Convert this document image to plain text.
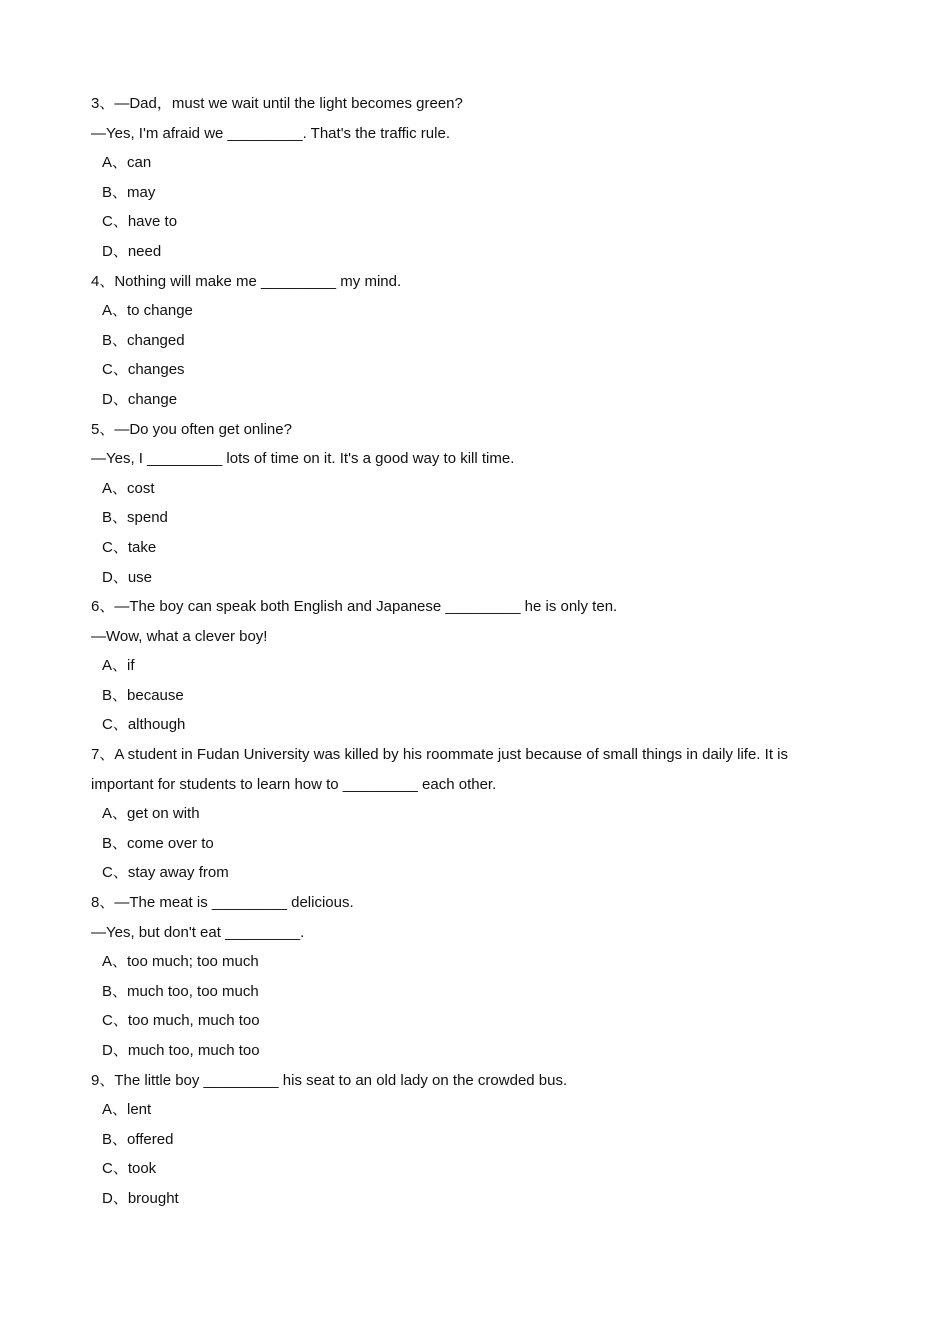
3、—Dad，must we wait until the light becomes green?

—Yes, I'm afraid we _________. That's the traffic rule.

A、can

B、may

C、have to

D、need

4、Nothing will make me _________ my mind.

A、to change

B、changed

C、changes

D、change

5、—Do you often get online?

—Yes, I _________ lots of time on it. It's a good way to kill time.

A、cost

B、spend

C、take

D、use

6、—The boy can speak both English and Japanese _________ he is only ten.

—Wow, what a clever boy!

A、if

B、because

C、although

7、A student in Fudan University was killed by his roommate just because of small things in daily life. It is

important for students to learn how to _________ each other.

A、get on with

B、come over to

C、stay away from

8、—The meat is _________ delicious.

—Yes, but don't eat _________.

A、too much; too much

B、much too, too much

C、too much, much too

D、much too, much too

9、The little boy _________ his seat to an old lady on the crowded bus.

A、lent

B、offered

C、took

D、brought
